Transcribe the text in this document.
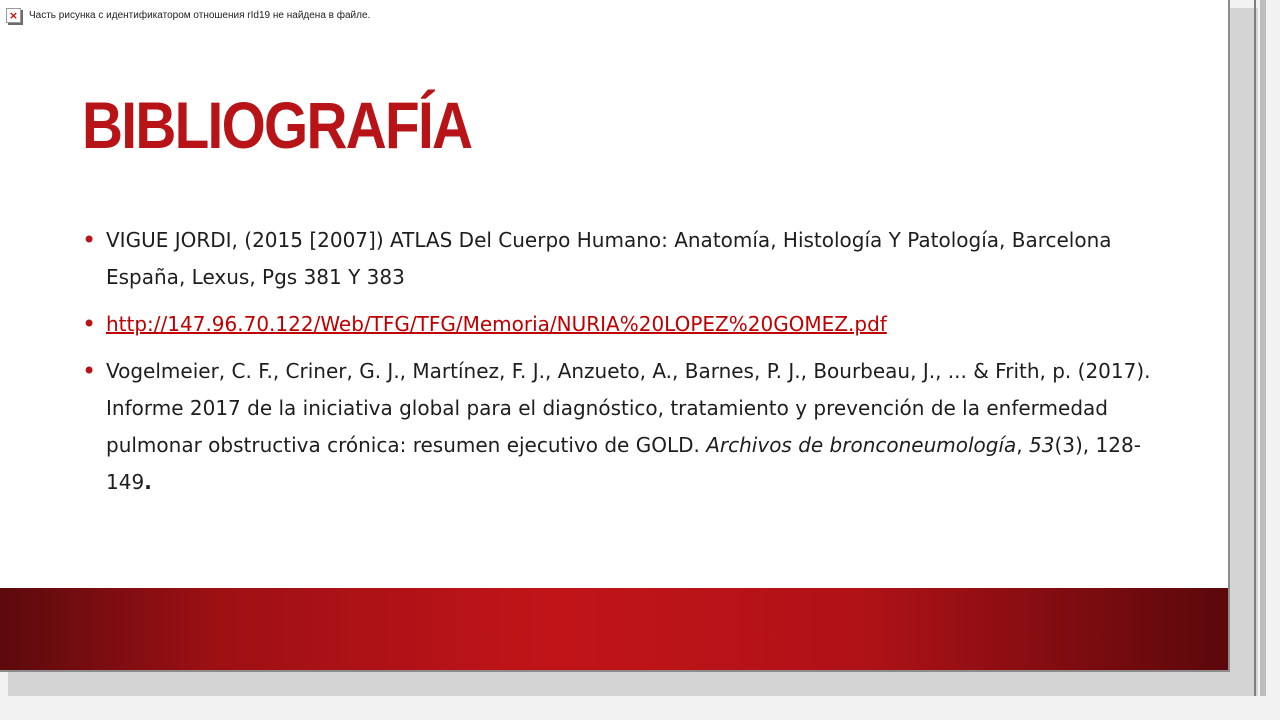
× Часть рисунка с идентификатором отношения rId19 не найдена в файле.
BIBLIOGRAFÍA
• VIGUE JORDI, (2015 [2007]) ATLAS Del Cuerpo Humano: Anatomía, Histología Y Patología, Barcelona España, Lexus, Pgs 381 Y 383
• http://147.96.70.122/Web/TFG/TFG/Memoria/NURIA%20LOPEZ%20GOMEZ.pdf
• Vogelmeier, C. F., Criner, G. J., Martínez, F. J., Anzueto, A., Barnes, P. J., Bourbeau, J., ... & Frith, p. (2017). Informe 2017 de la iniciativa global para el diagnóstico, tratamiento y prevención de la enfermedad pulmonar obstructiva crónica: resumen ejecutivo de GOLD. Archivos de bronconeumología, 53(3), 128-149.
